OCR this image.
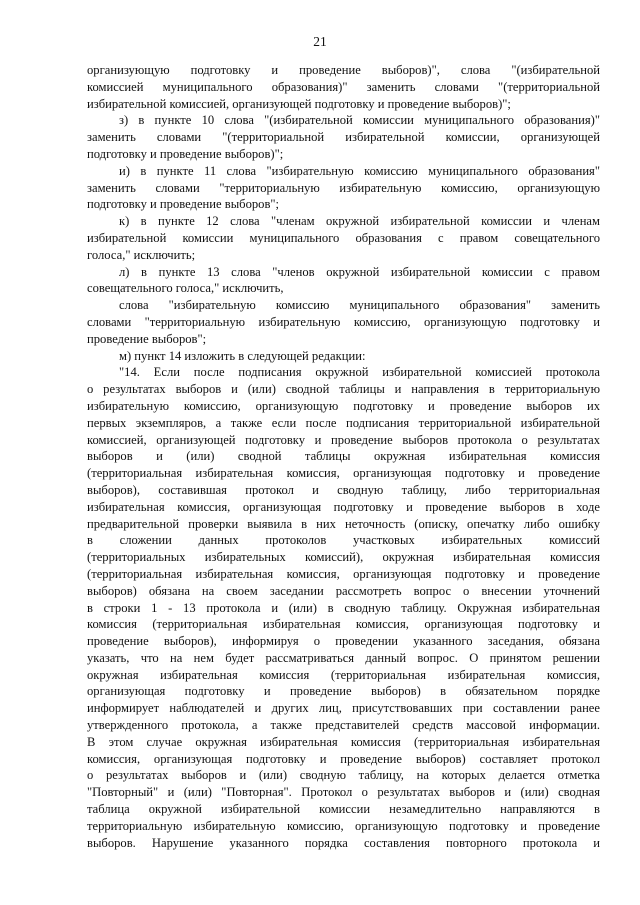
21
организующую подготовку и проведение выборов)", слова "(избирательной
комиссией муниципального образования)" заменить словами "(территориальной
избирательной комиссией, организующей подготовку и проведение выборов)";
з) в пункте 10 слова "(избирательной комиссии муниципального образования)"
заменить словами "(территориальной избирательной комиссии, организующей
подготовку и проведение выборов)";
и) в пункте 11 слова "избирательную комиссию муниципального образования"
заменить словами "территориальную избирательную комиссию, организующую
подготовку и проведение выборов";
к) в пункте 12 слова "членам окружной избирательной комиссии и членам
избирательной комиссии муниципального образования с правом совещательного
голоса," исключить;
л) в пункте 13 слова "членов окружной избирательной комиссии с правом
совещательного голоса," исключить,
слова "избирательную комиссию муниципального образования" заменить
словами "территориальную избирательную комиссию, организующую подготовку и
проведение выборов";
м) пункт 14 изложить в следующей редакции:
"14. Если после подписания окружной избирательной комиссией протокола
о результатах выборов и (или) сводной таблицы и направления в территориальную
избирательную комиссию, организующую подготовку и проведение выборов их
первых экземпляров, а также если после подписания территориальной избирательной
комиссией, организующей подготовку и проведение выборов протокола о результатах
выборов и (или) сводной таблицы окружная избирательная комиссия
(территориальная избирательная комиссия, организующая подготовку и проведение
выборов), составившая протокол и сводную таблицу, либо территориальная
избирательная комиссия, организующая подготовку и проведение выборов в ходе
предварительной проверки выявила в них неточность (описку, опечатку либо ошибку
в сложении данных протоколов участковых избирательных комиссий
(территориальных избирательных комиссий), окружная избирательная комиссия
(территориальная избирательная комиссия, организующая подготовку и проведение
выборов) обязана на своем заседании рассмотреть вопрос о внесении уточнений
в строки 1 - 13 протокола и (или) в сводную таблицу. Окружная избирательная
комиссия (территориальная избирательная комиссия, организующая подготовку и
проведение выборов), информируя о проведении указанного заседания, обязана
указать, что на нем будет рассматриваться данный вопрос. О принятом решении
окружная избирательная комиссия (территориальная избирательная комиссия,
организующая подготовку и проведение выборов) в обязательном порядке
информирует наблюдателей и других лиц, присутствовавших при составлении ранее
утвержденного протокола, а также представителей средств массовой информации.
В этом случае окружная избирательная комиссия (территориальная избирательная
комиссия, организующая подготовку и проведение выборов) составляет протокол
о результатах выборов и (или) сводную таблицу, на которых делается отметка
"Повторный" и (или) "Повторная". Протокол о результатах выборов и (или) сводная
таблица окружной избирательной комиссии незамедлительно направляются в
территориальную избирательную комиссию, организующую подготовку и проведение
выборов. Нарушение указанного порядка составления повторного протокола и
